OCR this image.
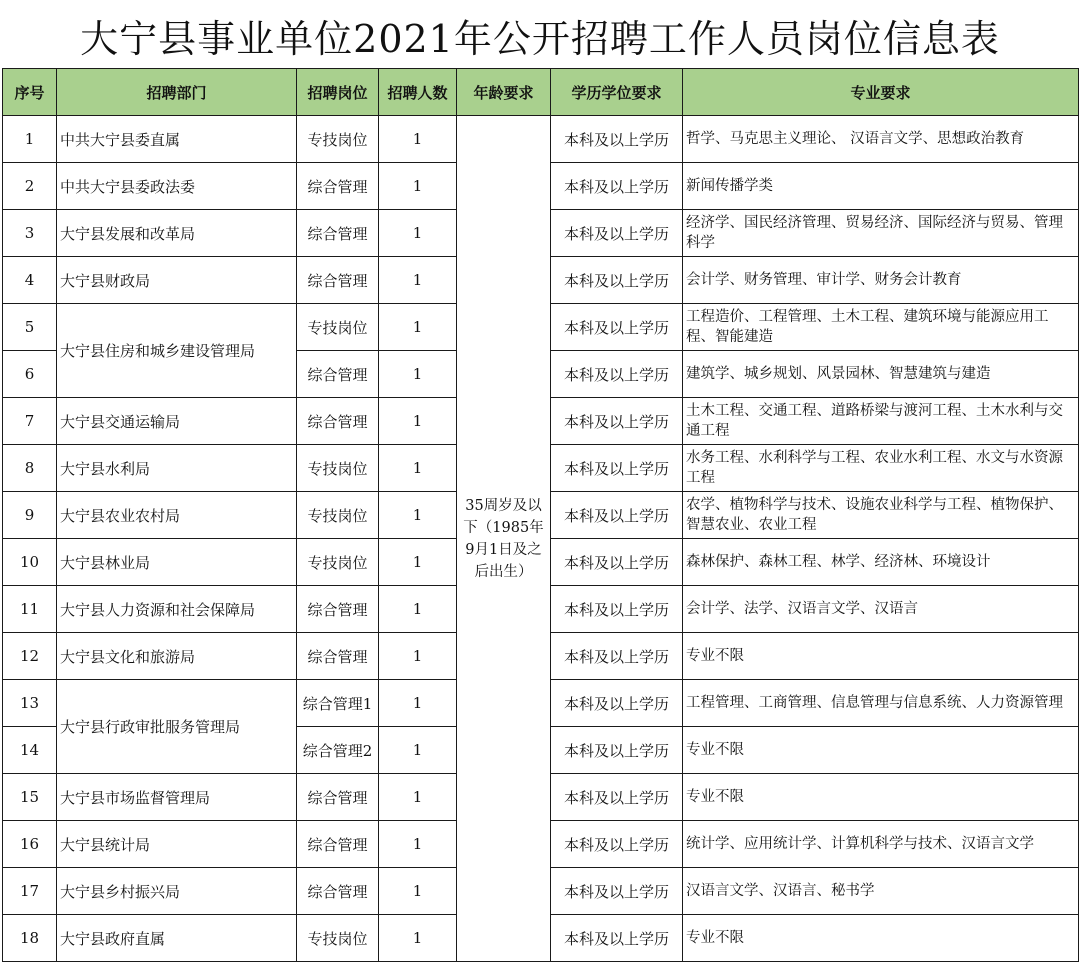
大宁县事业单位2021年公开招聘工作人员岗位信息表
序号	招聘部门	招聘岗位	招聘人数	年龄要求	学历学位要求	专业要求
1	中共大宁县委直属	专技岗位	1	35周岁及以下（1985年9月1日及之后出生）	本科及以上学历	哲学、马克思主义理论、 汉语言文学、思想政治教育
2	中共大宁县委政法委	综合管理	1		本科及以上学历	新闻传播学类
3	大宁县发展和改革局	综合管理	1		本科及以上学历	经济学、国民经济管理、贸易经济、国际经济与贸易、管理科学
4	大宁县财政局	综合管理	1		本科及以上学历	会计学、财务管理、审计学、财务会计教育
5	大宁县住房和城乡建设管理局	专技岗位	1		本科及以上学历	工程造价、工程管理、土木工程、建筑环境与能源应用工程、智能建造
6		综合管理	1		本科及以上学历	建筑学、城乡规划、风景园林、智慧建筑与建造
7	大宁县交通运输局	综合管理	1		本科及以上学历	土木工程、交通工程、道路桥梁与渡河工程、土木水利与交通工程
8	大宁县水利局	专技岗位	1		本科及以上学历	水务工程、水利科学与工程、农业水利工程、水文与水资源工程
9	大宁县农业农村局	专技岗位	1		本科及以上学历	农学、植物科学与技术、设施农业科学与工程、植物保护、智慧农业、农业工程
10	大宁县林业局	专技岗位	1		本科及以上学历	森林保护、森林工程、林学、经济林、环境设计
11	大宁县人力资源和社会保障局	综合管理	1		本科及以上学历	会计学、法学、汉语言文学、汉语言
12	大宁县文化和旅游局	综合管理	1		本科及以上学历	专业不限
13	大宁县行政审批服务管理局	综合管理1	1		本科及以上学历	工程管理、工商管理、信息管理与信息系统、人力资源管理
14		综合管理2	1		本科及以上学历	专业不限
15	大宁县市场监督管理局	综合管理	1		本科及以上学历	专业不限
16	大宁县统计局	综合管理	1		本科及以上学历	统计学、应用统计学、计算机科学与技术、汉语言文学
17	大宁县乡村振兴局	综合管理	1		本科及以上学历	汉语言文学、汉语言、秘书学
18	大宁县政府直属	专技岗位	1		本科及以上学历	专业不限
